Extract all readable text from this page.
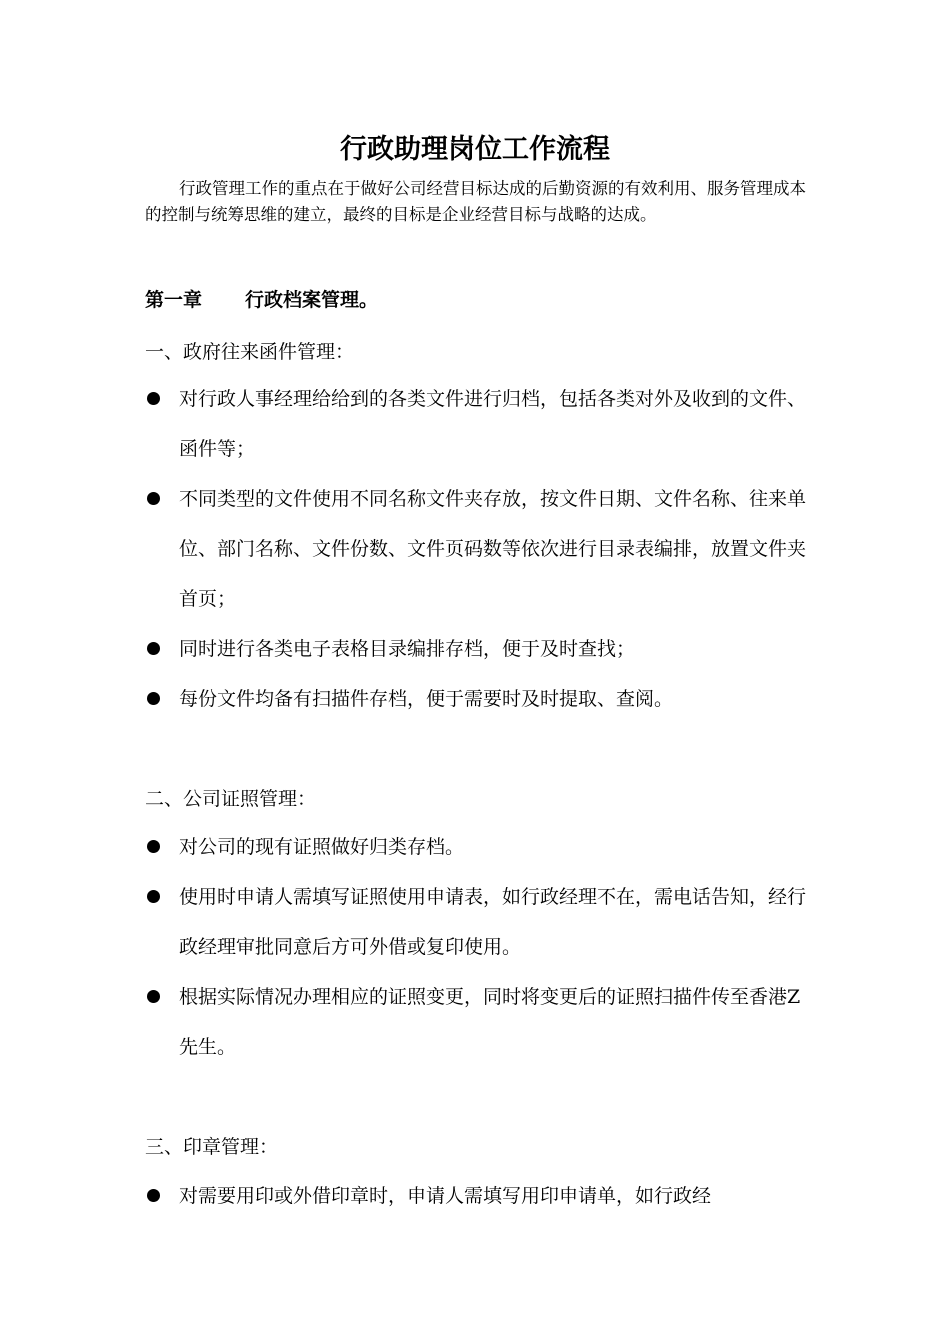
行政助理岗位工作流程

行政管理工作的重点在于做好公司经营目标达成的后勤资源的有效利用、服务管理成本的控制与统筹思维的建立，最终的目标是企业经营目标与战略的达成。

第一章 行政档案管理。

一、政府往来函件管理：

对行政人事经理给给到的各类文件进行归档，包括各类对外及收到的文件、函件等；
不同类型的文件使用不同名称文件夹存放，按文件日期、文件名称、往来单位、部门名称、文件份数、文件页码数等依次进行目录表编排，放置文件夹首页；
同时进行各类电子表格目录编排存档，便于及时查找；
每份文件均备有扫描件存档，便于需要时及时提取、查阅。

二、公司证照管理：

对公司的现有证照做好归类存档。
使用时申请人需填写证照使用申请表，如行政经理不在，需电话告知，经行政经理审批同意后方可外借或复印使用。
根据实际情况办理相应的证照变更，同时将变更后的证照扫描件传至香港Z先生。

三、印章管理：

对需要用印或外借印章时，申请人需填写用印申请单，如行政经
